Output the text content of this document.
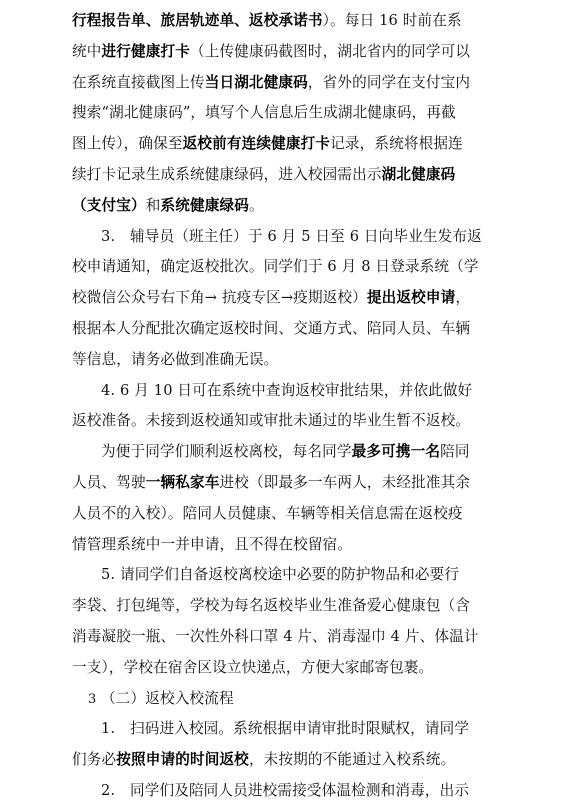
行程报告单、旅居轨迹单、返校承诺书）。每日 16 时前在系
统中进行健康打卡（上传健康码截图时，湖北省内的同学可以
在系统直接截图上传当日湖北健康码，省外的同学在支付宝内
搜索“湖北健康码”，填写个人信息后生成湖北健康码，再截
图上传），确保至返校前有连续健康打卡记录，系统将根据连
续打卡记录生成系统健康绿码，进入校园需出示湖北健康码
（支付宝）和系统健康绿码。
3.　辅导员（班主任）于 6 月 5 日至 6 日向毕业生发布返
校申请通知，确定返校批次。同学们于 6 月 8 日登录系统（学
校微信公众号右下角→ 抗疫专区→疫期返校）提出返校申请，
根据本人分配批次确定返校时间、交通方式、陪同人员、车辆
等信息，请务必做到准确无误。
4. 6 月 10 日可在系统中查询返校审批结果，并依此做好
返校准备。未接到返校通知或审批未通过的毕业生暂不返校。
为便于同学们顺利返校离校，每名同学最多可携一名陪同
人员、驾驶一辆私家车进校（即最多一车两人，未经批准其余
人员不的入校）。陪同人员健康、车辆等相关信息需在返校疫
情管理系统中一并申请，且不得在校留宿。
5. 请同学们自备返校离校途中必要的防护物品和必要行
李袋、打包绳等，学校为每名返校毕业生准备爱心健康包（含
消毒凝胶一瓶、一次性外科口罩 4 片、消毒湿巾 4 片、体温计
一支），学校在宿舍区设立快递点，方便大家邮寄包裹。
（二）返校入校流程
1.　扫码进入校园。系统根据申请审批时限赋权，请同学
们务必按照申请的时间返校，未按期的不能通过入校系统。
2.　同学们及陪同人员进校需接受体温检测和消毒，出示
3
